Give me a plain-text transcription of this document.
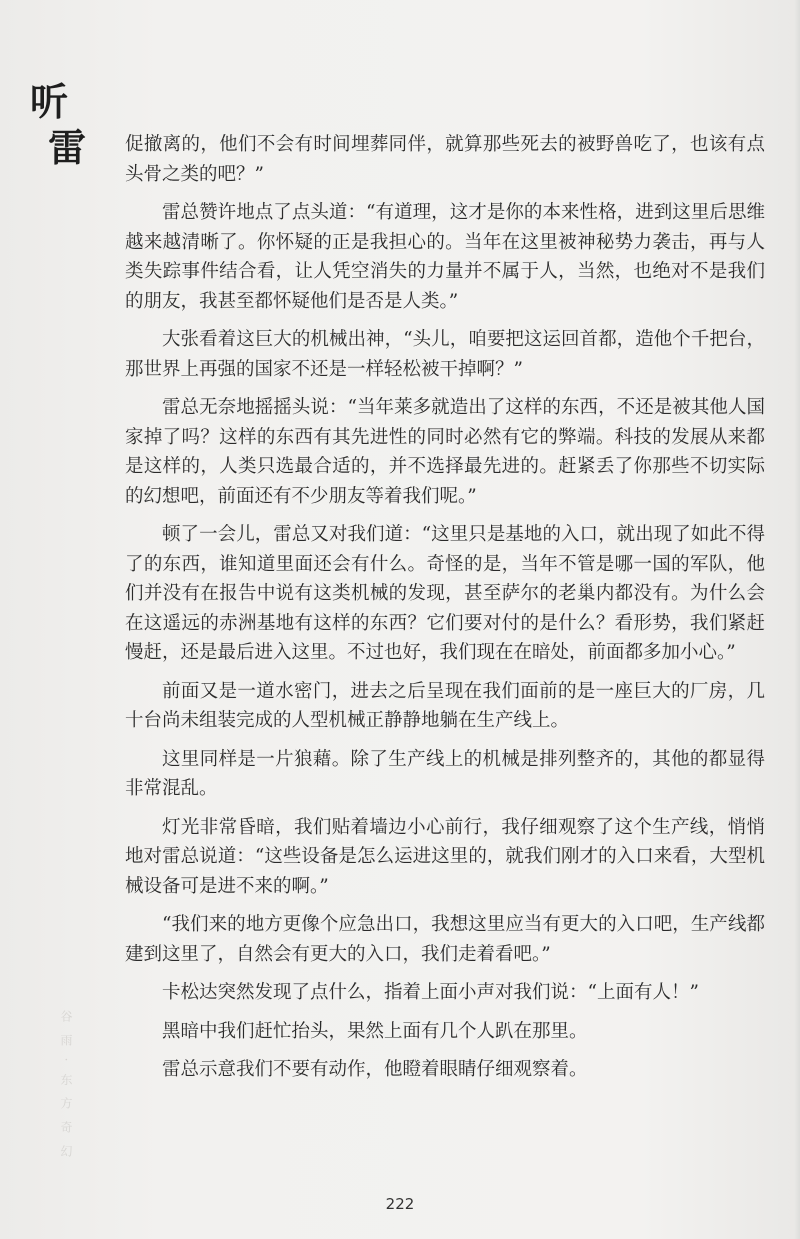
听
雷
谷 雨 · 东 方 奇 幻

促撤离的，他们不会有时间埋葬同伴，就算那些死去的被野兽吃了，也该有点头骨之类的吧？”

雷总赞许地点了点头道：“有道理，这才是你的本来性格，进到这里后思维越来越清晰了。你怀疑的正是我担心的。当年在这里被神秘势力袭击，再与人类失踪事件结合看，让人凭空消失的力量并不属于人，当然，也绝对不是我们的朋友，我甚至都怀疑他们是否是人类。”

大张看着这巨大的机械出神，“头儿，咱要把这运回首都，造他个千把台，那世界上再强的国家不还是一样轻松被干掉啊？”

雷总无奈地摇摇头说：“当年莱多就造出了这样的东西，不还是被其他人国家掉了吗？这样的东西有其先进性的同时必然有它的弊端。科技的发展从来都是这样的，人类只选最合适的，并不选择最先进的。赶紧丢了你那些不切实际的幻想吧，前面还有不少朋友等着我们呢。”

顿了一会儿，雷总又对我们道：“这里只是基地的入口，就出现了如此不得了的东西，谁知道里面还会有什么。奇怪的是，当年不管是哪一国的军队，他们并没有在报告中说有这类机械的发现，甚至萨尔的老巢内都没有。为什么会在这遥远的赤洲基地有这样的东西？它们要对付的是什么？看形势，我们紧赶慢赶，还是最后进入这里。不过也好，我们现在在暗处，前面都多加小心。”

前面又是一道水密门，进去之后呈现在我们面前的是一座巨大的厂房，几十台尚未组装完成的人型机械正静静地躺在生产线上。

这里同样是一片狼藉。除了生产线上的机械是排列整齐的，其他的都显得非常混乱。

灯光非常昏暗，我们贴着墙边小心前行，我仔细观察了这个生产线，悄悄地对雷总说道：“这些设备是怎么运进这里的，就我们刚才的入口来看，大型机械设备可是进不来的啊。”

“我们来的地方更像个应急出口，我想这里应当有更大的入口吧，生产线都建到这里了，自然会有更大的入口，我们走着看吧。”

卡松达突然发现了点什么，指着上面小声对我们说：“上面有人！”

黑暗中我们赶忙抬头，果然上面有几个人趴在那里。

雷总示意我们不要有动作，他瞪着眼睛仔细观察着。

222
